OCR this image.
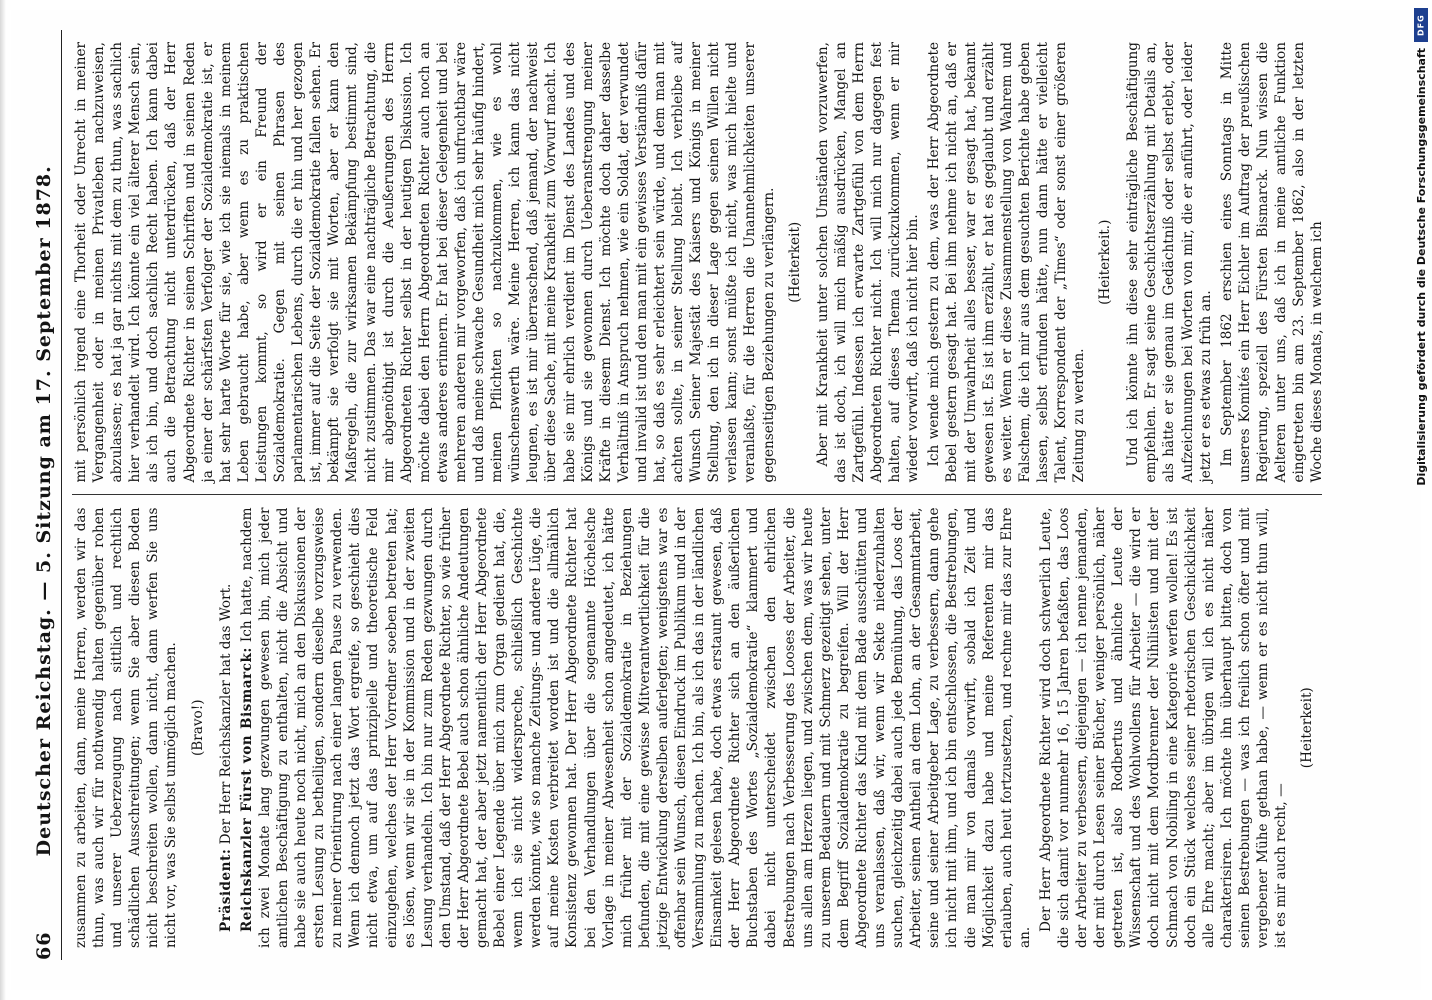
66
Deutscher Reichstag. — 5. Sitzung am 17. September 1878. zusammen zu arbeiten, dann, meine Herren, werden wir das thun, was auch wir für nothwendig halten gegenüber rohen und unserer Ueberzeugung nach sittlich und rechtlich schädlichen Ausschreitungen; wenn Sie aber diesen Boden nicht beschreiten wollen, dann nicht, dann werfen Sie uns nicht vor, was Sie selbst unmöglich machen. (Bravo!)

Präsident: Der Herr Reichskanzler hat das Wort. Reichskanzler Fürst von Bismarck: Ich hatte, nachdem ich zwei Monate lang gezwungen gewesen bin, mich jeder amtlichen Beschäftigung zu enthalten, nicht die Absicht und habe sie auch heute noch nicht, mich an den Diskussionen der ersten Lesung zu betheiligen, sondern dieselbe vorzugsweise zu meiner Orientirung nach einer langen Pause zu verwenden. Wenn ich dennoch jetzt das Wort ergreife, so geschieht dies nicht etwa, um auf das prinzipielle und theoretische Feld einzugehen, welches der Herr Vorredner soeben betreten hat; es lösen, wenn wir sie in der Kommission und in der zweiten Lesung verhandeln. Ich bin nur zum Reden gezwungen durch den Umstand, daß der Herr Abgeordnete Richter, so wie früher der Herr Abgeordnete Bebel auch schon ähnliche Andeutungen gemacht hat, der aber jetzt namentlich der Herr Abgeordnete Bebel einer Legende über mich zum Organ gedient hat, die, wenn ich sie nicht widerspreche, schließlich Geschichte werden könnte, wie so manche Zeitungs- und andere Lüge, die auf meine Kosten verbreitet worden ist und die allmählich Konsistenz gewonnen hat. Der Herr Abgeordnete Richter hat bei den Verhandlungen über die sogenannte Höchelsche Vorlage in meiner Abwesenheit schon angedeutet, ich hätte mich früher mit der Sozialdemokratie in Beziehungen befunden, die mit eine gewisse Mitverantwortlichkeit für die jetzige Entwicklung derselben auferlegten; wenigstens war es offenbar sein Wunsch, diesen Eindruck im Publikum und in der Versammlung zu machen. Ich bin, als ich das in der ländlichen Einsamkeit gelesen habe, doch etwas erstaunt gewesen, daß der Herr Abgeordnete Richter sich an den äußerlichen Buchstaben des Wortes „Sozialdemokratie“ klammert und dabei nicht unterscheidet zwischen den ehrlichen Bestrebungen nach Verbesserung des Looses der Arbeiter, die uns allen am Herzen liegen, und zwischen dem, was wir heute zu unserem Bedauern und mit Schmerz gezeitigt sehen, unter dem Begriff Sozialdemokratie zu begreifen. Will der Herr Abgeordnete Richter das Kind mit dem Bade ausschütten und uns veranlassen, daß wir, wenn wir Sekte niederzuhalten suchen, gleichzeitig dabei auch jede Bemühung, das Loos der Arbeiter, seinen Antheil an dem Lohn, an der Gesammtarbeit, seine und seiner Arbeitgeber Lage, zu verbessern, dann gehe ich nicht mit ihm, und ich bin entschlossen, die Bestrebungen, die man mir von damals vorwirft, sobald ich Zeit und Möglichkeit dazu habe und meine Referenten mir das erlauben, auch heut fortzusetzen, und rechne mir das zur Ehre an.

Der Herr Abgeordnete Richter wird doch schwerlich Leute, die sich damit vor nunmehr 16, 15 Jahren befaßten, das Loos der Arbeiter zu verbessern, diejenigen — ich nenne jemanden, der mit durch Lesen seiner Bücher, weniger persönlich, näher getreten ist, also Rodbertus und ähnliche Leute der Wissenschaft und des Wohlwollens für Arbeiter — die wird er doch nicht mit dem Mordbrenner der Nihilisten und mit der Schmach von Nobiling in eine Kategorie werfen wollen! Es ist doch ein Stück welches seiner rhetorischen Geschicklichkeit alle Ehre macht; aber im übrigen will ich es nicht näher charakterisiren. Ich möchte ihn überhaupt bitten, doch von seinen Bestrebungen — was ich freilich schon öfter und mit vergebener Mühe gethan habe, — wenn er es nicht thun will, ist es mir auch recht, —

(Heiterkeit)

mit persönlich irgend eine Thorheit oder Unrecht in meiner Vergangenheit oder in meinen Privatleben nachzuweisen, abzulassen; es hat ja gar nichts mit dem zu thun, was sachlich hier verhandelt wird. Ich könnte ein viel älterer Mensch sein, als ich bin, und doch sachlich Recht haben. Ich kann dabei auch die Betrachtung nicht unterdrücken, daß der Herr Abgeordnete Richter in seinen Schriften und in seinen Reden ja einer der schärfsten Verfolger der Sozialdemokratie ist, er hat sehr harte Worte für sie, wie ich sie niemals in meinem Leben gebraucht habe, aber wenn es zu praktischen Leistungen kommt, so wird er ein Freund der Sozialdemokratie. Gegen mit seinen Phrasen des parlamentarischen Lebens, durch die er hin und her gezogen ist, immer auf die Seite der Sozialdemokratie fallen sehen. Er bekämpft sie verfolgt sie mit Worten, aber er kann den Maßregeln, die zur wirksamen Bekämpfung bestimmt sind, nicht zustimmen. Das war eine nachträgliche Betrachtung, die mir abgenöthigt ist durch die Aeußerungen des Herrn Abgeordneten Richter selbst in der heutigen Diskussion. Ich möchte dabei den Herrn Abgeordneten Richter auch noch an etwas anderes erinnern. Er hat bei dieser Gelegenheit und bei mehreren anderen mir vorgeworfen, daß ich unfruchtbar wäre und daß meine schwache Gesundheit mich sehr häufig hindert, meinen Pflichten so nachzukommen, wie es wohl wünschenswerth wäre. Meine Herren, ich kann das nicht leugnen, es ist mir überraschend, daß jemand, der nachweist über diese Sache, mit meine Krankheit zum Vorwurf macht. Ich habe sie mir ehrlich verdient im Dienst des Landes und des Königs und sie gewonnen durch Ueberanstrengung meiner Kräfte in diesem Dienst. Ich möchte doch daher dasselbe Verhältniß in Anspruch nehmen, wie ein Soldat, der verwundet und invalid ist und den man mit ein gewisses Verständniß dafür hat, so daß es sehr erleichtert sein würde, und dem man mit achten sollte, in seiner Stellung bleibt. Ich verbleibe auf Wunsch Seiner Majestät des Kaisers und Königs in meiner Stellung, den ich in dieser Lage gegen seinen Willen nicht verlassen kann; sonst müßte ich nicht, was mich hielte und veranlaßte, für die Herren die Unannehmlichkeiten unserer gegenseitigen Beziehungen zu verlängern. (Heiterkeit) Aber mit Krankheit unter solchen Umständen vorzuwerfen, das ist doch, ich will mich mäßig ausdrücken, Mangel an Zartgefühl. Indessen ich erwarte Zartgefühl von dem Herrn Abgeordneten Richter nicht. Ich will mich nur dagegen fest halten, auf dieses Thema zurückzukommen, wenn er mir wieder vorwirft, daß ich nicht hier bin. Ich wende mich gestern zu dem, was der Herr Abgeordnete Bebel gestern gesagt hat. Bei ihm nehme ich nicht an, daß er mit der Umwahrheit alles besser, war er gesagt hat, bekannt gewesen ist. Es ist ihm erzählt, er hat es geglaubt und erzählt es weiter. Wenn er diese Zusammenstellung von Wahrem und Falschem, die ich mir aus dem gesuchten Berichte habe geben lassen, selbst erfunden hätte, nun dann hätte er vielleicht Talent, Korrespondent der „Times“ oder sonst einer größeren Zeitung zu werden.

(Heiterkeit.) Und ich könnte ihn diese sehr einträgliche Beschäftigung empfehlen. Er sagt seine Geschichtserzählung mit Details an, als hätte er sie genau im Gedächtniß oder selbst erlebt, oder Aufzeichnungen bei Worten von mir, die er anführt, oder leider jetzt er es etwas zu früh an. Im September 1862 erschien eines Sonntags in Mitte unseres Komités ein Herr Eichler im Auftrag der preußischen Regierung, speziell des Fürsten Bismarck. Nun wissen die Aelteren unter uns, daß ich in meine amtliche Funktion eingetreten bin am 23. September 1862, also in der letzten Woche dieses Monats, in welchem ich

DFG
Digitalisierung gefördert durch die Deutsche Forschungsgemeinschaft
